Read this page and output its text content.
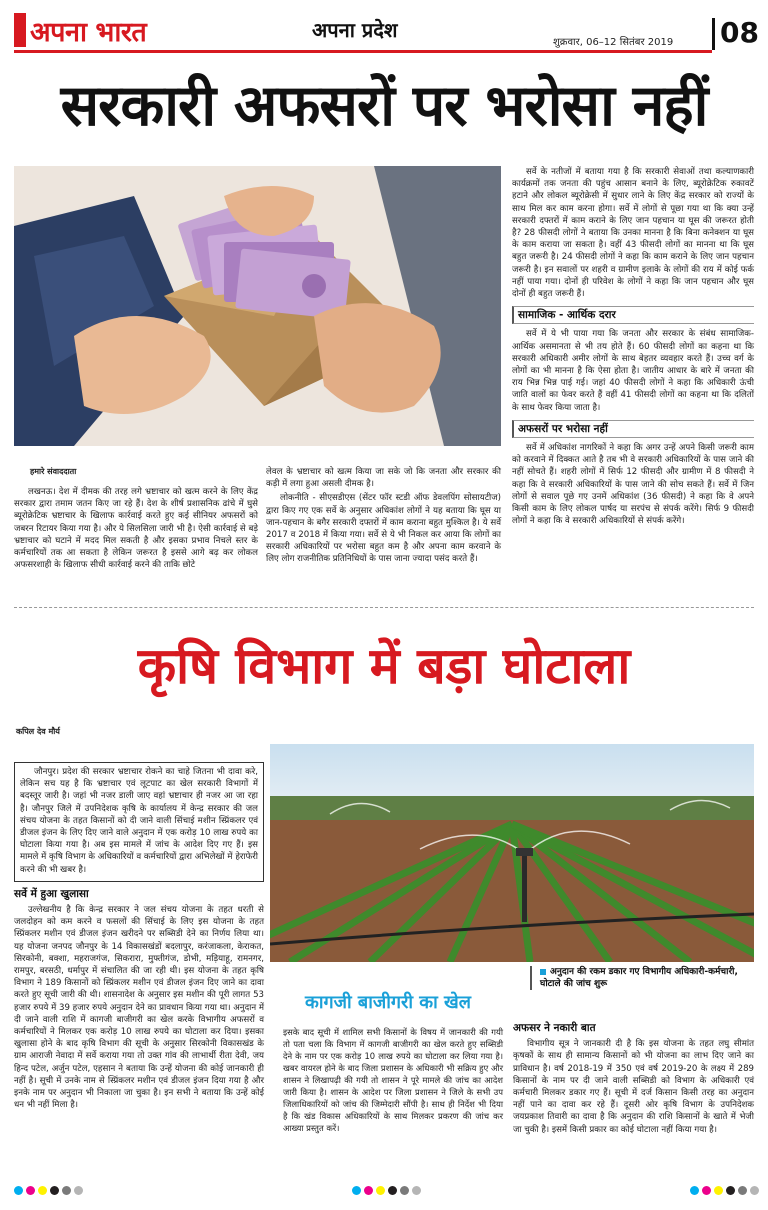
अपना भारत	अपना प्रदेश
शुक्रवार, 06–12 सितंबर 2019 08
सरकारी अफसरों पर भरोसा नहीं
हमारे संवाददाता

लखनऊ। देश में दीमक की तरह लगे भ्रष्टाचार को खत्म करने के लिए केंद्र सरकार द्वारा तमाम जतन किए जा रहे हैं। देश के शीर्ष प्रशासनिक ढांचे में घुसे ब्यूरोक्रेटिक भ्रष्टाचार के खिलाफ कार्रवाई करते हुए कई सीनियर अफसरों को जबरन रिटायर किया गया है। और ये सिलसिला जारी भी है। ऐसी कार्रवाई से बड़े भ्रष्टाचार को घटाने में मदद मिल सकती है और इसका प्रभाव निचले स्तर के कर्मचारियों तक आ सकता है लेकिन जरूरत है इससे आगे बढ़ कर लोकल अफसरशाही के खिलाफ सीधी कार्रवाई करने की ताकि छोटे

लेवल के भ्रष्टाचार को खत्म किया जा सके जो कि जनता और सरकार की कड़ी में लगा हुआ असली दीमक है।

लोकनीति - सीएसडीएस (सेंटर फॉर स्टडी ऑफ डेवलपिंग सोसायटीज) द्वारा किए गए एक सर्वे के अनुसार अधिकांश लोगों ने यह बताया कि घूस या जान-पहचान के बगैर सरकारी दफ्तरों में काम कराना बहुत मुश्किल है। ये सर्वे 2017 व 2018 में किया गया। सर्वे से ये भी निकल कर आया कि लोगों का सरकारी अधिकारियों पर भरोसा बहुत कम है और अपना काम करवाने के लिए लोग राजनीतिक प्रतिनिधियों के पास जाना ज्यादा पसंद करते हैं।

सर्वे के नतीजों में बताया गया है कि सरकारी सेवाओं तथा कल्याणकारी कार्यक्रमों तक जनता की पहुंच आसान बनाने के लिए, ब्यूरोक्रेटिक रुकावटें हटाने और लोकल ब्यूरोक्रेसी में सुधार लाने के लिए केंद्र सरकार को राज्यों के साथ मिल कर काम करना होगा। सर्वे में लोगों से पूछा गया था कि क्या उन्हें सरकारी दफ्तरों में काम कराने के लिए जान पहचान या घूस की जरूरत होती है? 28 फीसदी लोगों ने बताया कि उनका मानना है कि बिना कनेक्शन या घूस के काम कराया जा सकता है। वहीं 43 फीसदी लोगों का मानना था कि घूस बहुत जरूरी है। 24 फीसदी लोगों ने कहा कि काम कराने के लिए जान पहचान जरूरी है। इन सवालों पर शहरी व ग्रामीण इलाके के लोगों की राय में कोई फर्क नहीं पाया गया। दोनों ही परिवेश के लोगों ने कहा कि जान पहचान और घूस दोनों ही बहुत जरूरी हैं।

सामाजिक - आर्थिक दरार

सर्वे में ये भी पाया गया कि जनता और सरकार के संबंध सामाजिक-आर्थिक असमानता से भी तय होते हैं। 60 फीसदी लोगों का कहना था कि सरकारी अधिकारी अमीर लोगों के साथ बेहतर व्यवहार करते हैं। उच्च वर्ग के लोगों का भी मानना है कि ऐसा होता है। जातीय आधार के बारे में जनता की राय भिन्न भिन्न पाई गई। जहां 40 फीसदी लोगों ने कहा कि अधिकारी ऊंची जाति वालों का फेवर करते हैं वहीं 41 फीसदी लोगों का कहना था कि दलितों के साथ फेवर किया जाता है।

अफसरों पर भरोसा नहीं

सर्वे में अधिकांश नागरिकों ने कहा कि अगर उन्हें अपने किसी जरूरी काम को करवाने में दिक्कत आते है तब भी वे सरकारी अधिकारियों के पास जाने की नहीं सोचते हैं। शहरी लोगों में सिर्फ 12 फीसदी और ग्रामीण में 8 फीसदी ने कहा कि वे सरकारी अधिकारियों के पास जाने की सोच सकते हैं। सर्वे में जिन लोगों से सवाल पूछे गए उनमें अधिकांश (36 फीसदी) ने कहा कि वे अपने किसी काम के लिए लोकल पार्षद या सरपंच से संपर्क करेंगे। सिर्फ 9 फीसदी लोगों ने कहा कि वे सरकारी अधिकारियों से संपर्क करेंगे।

कृषि विभाग में बड़ा घोटाला
कपिल देव मौर्य

जौनपुर। प्रदेश की सरकार भ्रष्टाचार रोकने का चाहे जितना भी दावा करे, लेकिन सच यह है कि भ्रष्टाचार एवं लूटपाट का खेल सरकारी विभागों में बदस्तूर जारी है। जहां भी नजर डाली जाए वहां भ्रष्टाचार ही नजर आ जा रहा है। जौनपुर जिले में उपनिदेशक कृषि के कार्यालय में केन्द्र सरकार की जल संचय योजना के तहत किसानों को दी जाने वाली सिंचाई मशीन स्प्रिंकलर एवं डीजल इंजन के लिए दिए जाने वाले अनुदान में एक करोड़ 10 लाख रुपये का घोटाला किया गया है। अब इस मामले में जांच के आदेश दिए गए हैं। इस मामले में कृषि विभाग के अधिकारियों व कर्मचारियों द्वारा अभिलेखों में हेराफेरी करने की भी खबर है।

सर्वे में हुआ खुलासा

उल्लेखनीय है कि केन्द्र सरकार ने जल संचय योजना के तहत धरती से जलदोहन को कम करने व फसलों की सिंचाई के लिए इस योजना के तहत स्प्रिंकलर मशीन एवं डीजल इंजन खरीदने पर सब्सिडी देने का निर्णय लिया था। यह योजना जनपद जौनपुर के 14 विकासखंडों बदलापुर, करंजाकला, केराकत, सिरकोनी, बक्शा, महराजगंज, सिकरारा, मुफ्तीगंज, डोभी, मड़ियाहू, रामनगर, रामपुर, बरसठी, धर्मापुर में संचालित की जा रही थी। इस योजना के तहत कृषि विभाग ने 189 किसानों को स्प्रिंकलर मशीन एवं डीजल इंजन दिए जाने का दावा करते हुए सूची जारी की थी। शासनादेश के अनुसार इस मशीन की पूरी लागत 53 हजार रुपये में 39 हजार रुपये अनुदान देने का प्रावधान किया गया था। अनुदान में दी जाने वाली राशि में कागजी बाजीगरी का खेल करके विभागीय अफसरों व कर्मचारियों ने मिलकर एक करोड़ 10 लाख रुपये का घोटाला कर दिया। इसका खुलासा होने के बाद कृषि विभाग की सूची के अनुसार सिरकोनी विकासखंड के ग्राम आराजी नेवादा में सर्वे कराया गया तो उक्त गांव की लाभार्थी रीता देवी, जय हिन्द पटेल, अर्जुन पटेल, एहसान ने बताया कि उन्हें योजना की कोई जानकारी ही नहीं है। सूची में उनके नाम से स्प्रिंकलर मशीन एवं डीजल इंजन दिया गया है और इनके नाम पर अनुदान भी निकाला जा चुका है। इन सभी ने बताया कि उन्हें कोई धन भी नहीं मिला है।

अनुदान की रकम डकार गए विभागीय अधिकारी-कर्मचारी, घोटाले की जांच शुरू
कागजी बाजीगरी का खेल

इसके बाद सूची में शामिल सभी किसानों के विषय में जानकारी की गयी तो पता चला कि विभाग में कागजी बाजीगरी का खेल करते हुए सब्सिडी देने के नाम पर एक करोड़ 10 लाख रुपये का घोटाला कर लिया गया है। खबर वायरल होने के बाद जिला प्रशासन के अधिकारी भी सक्रिय हुए और शासन ने लिखापढ़ी की गयी तो शासन ने पूरे मामले की जांच का आदेश जारी किया है। शासन के आदेश पर जिला प्रशासन ने जिले के सभी उप जिलाधिकारियों को जांच की जिम्मेदारी सौंपी है। साथ ही निर्देश भी दिया है कि खंड विकास अधिकारियों के साथ मिलकर प्रकरण की जांच कर आख्या प्रस्तुत करें।

अफसर ने नकारी बात

विभागीय सूत्र ने जानकारी दी है कि इस योजना के तहत लघु सीमांत कृषकों के साथ ही सामान्य किसानों को भी योजना का लाभ दिए जाने का प्राविधान है। वर्ष 2018-19 में 350 एवं वर्ष 2019-20 के लक्ष्य में 289 किसानों के नाम पर दी जाने वाली सब्सिडी को विभाग के अधिकारी एवं कर्मचारी मिलकर डकार गए हैं। सूची में दर्ज किसान किसी तरह का अनुदान नहीं पाने का दावा कर रहे हैं। दूसरी ओर कृषि विभाग के उपनिदेशक जयप्रकाश तिवारी का दावा है कि अनुदान की राशि किसानों के खाते में भेजी जा चुकी है। इसमें किसी प्रकार का कोई घोटाला नहीं किया गया है।
